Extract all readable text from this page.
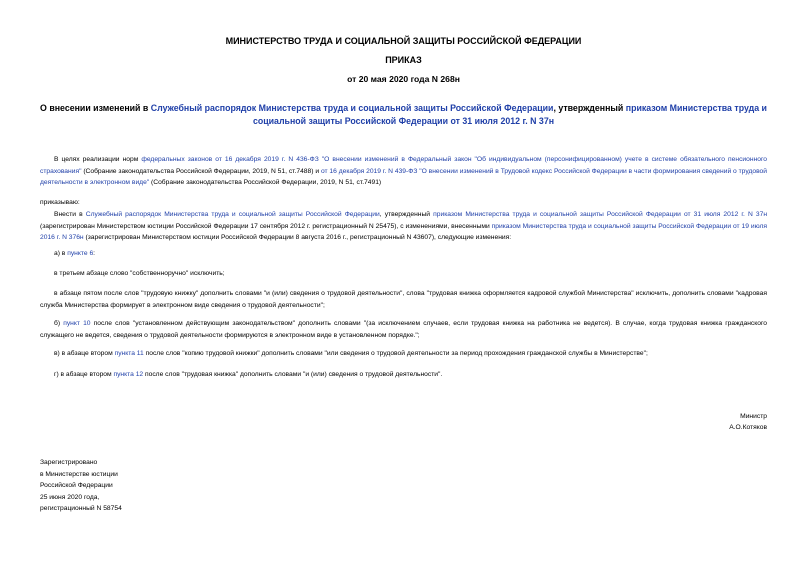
МИНИСТЕРСТВО ТРУДА И СОЦИАЛЬНОЙ ЗАЩИТЫ РОССИЙСКОЙ ФЕДЕРАЦИИ
ПРИКАЗ
от 20 мая 2020 года N 268н
О внесении изменений в Служебный распорядок Министерства труда и социальной защиты Российской Федерации, утвержденный приказом Министерства труда и социальной защиты Российской Федерации от 31 июля 2012 г. N 37н
В целях реализации норм федеральных законов от 16 декабря 2019 г. N 436-ФЗ "О внесении изменений в Федеральный закон "Об индивидуальном (персонифицированном) учете в системе обязательного пенсионного страхования" (Собрание законодательства Российской Федерации, 2019, N 51, ст.7488) и от 16 декабря 2019 г. N 439-ФЗ "О внесении изменений в Трудовой кодекс Российской Федерации в части формирования сведений о трудовой деятельности в электронном виде" (Собрание законодательства Российской Федерации, 2019, N 51, ст.7491)
приказываю:
Внести в Служебный распорядок Министерства труда и социальной защиты Российской Федерации, утвержденный приказом Министерства труда и социальной защиты Российской Федерации от 31 июля 2012 г. N 37н (зарегистрирован Министерством юстиции Российской Федерации 17 сентября 2012 г. регистрационный N 25475), с изменениями, внесенными приказом Министерства труда и социальной защиты Российской Федерации от 19 июля 2016 г. N 376н (зарегистрирован Министерством юстиции Российской Федерации 8 августа 2016 г., регистрационный N 43607), следующие изменения:
а) в пункте 6:
в третьем абзаце слово "собственноручно" исключить;
в абзаце пятом после слов "трудовую книжку" дополнить словами "и (или) сведения о трудовой деятельности", слова "трудовая книжка оформляется кадровой службой Министерства" исключить, дополнить словами "кадровая служба Министерства формирует в электронном виде сведения о трудовой деятельности";
б) пункт 10 после слов "установленном действующим законодательством" дополнить словами "(за исключением случаев, если трудовая книжка на работника не ведется). В случае, когда трудовая книжка гражданского служащего не ведется, сведения о трудовой деятельности формируются в электронном виде в установленном порядке.";
в) в абзаце втором пункта 11 после слов "копию трудовой книжки" дополнить словами "или сведения о трудовой деятельности за период прохождения гражданской службы в Министерстве";
г) в абзаце втором пункта 12 после слов "трудовая книжка" дополнить словами "и (или) сведения о трудовой деятельности".
Министр
А.О.Котяков
Зарегистрировано
в Министерстве юстиции
Российской Федерации
25 июня 2020 года,
регистрационный N 58754
